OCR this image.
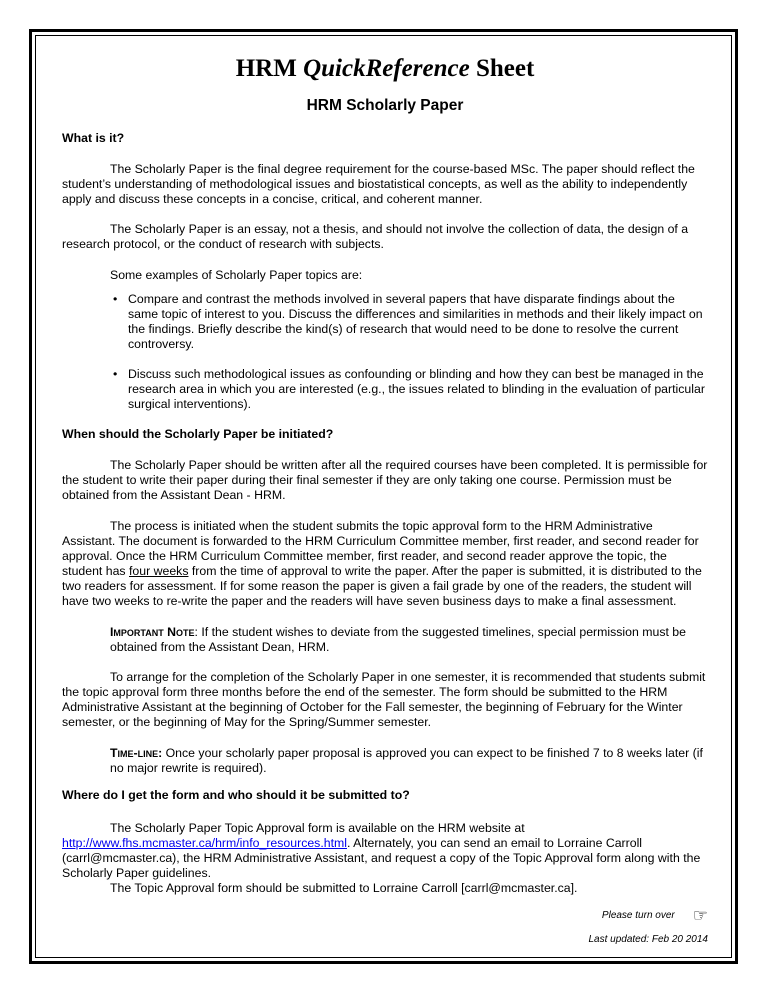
HRM QuickReference Sheet
HRM Scholarly Paper

What is it?

The Scholarly Paper is the final degree requirement for the course-based MSc. The paper should reflect the student’s understanding of methodological issues and biostatistical concepts, as well as the ability to independently apply and discuss these concepts in a concise, critical, and coherent manner.

The Scholarly Paper is an essay, not a thesis, and should not involve the collection of data, the design of a research protocol, or the conduct of research with subjects.

Some examples of Scholarly Paper topics are:

• Compare and contrast the methods involved in several papers that have disparate findings about the same topic of interest to you. Discuss the differences and similarities in methods and their likely impact on the findings. Briefly describe the kind(s) of research that would need to be done to resolve the current controversy.
• Discuss such methodological issues as confounding or blinding and how they can best be managed in the research area in which you are interested (e.g., the issues related to blinding in the evaluation of particular surgical interventions).

When should the Scholarly Paper be initiated?

The Scholarly Paper should be written after all the required courses have been completed. It is permissible for the student to write their paper during their final semester if they are only taking one course. Permission must be obtained from the Assistant Dean - HRM.

The process is initiated when the student submits the topic approval form to the HRM Administrative Assistant. The document is forwarded to the HRM Curriculum Committee member, first reader, and second reader for approval. Once the HRM Curriculum Committee member, first reader, and second reader approve the topic, the student has four weeks from the time of approval to write the paper. After the paper is submitted, it is distributed to the two readers for assessment. If for some reason the paper is given a fail grade by one of the readers, the student will have two weeks to re-write the paper and the readers will have seven business days to make a final assessment.

Important Note: If the student wishes to deviate from the suggested timelines, special permission must be obtained from the Assistant Dean, HRM.

To arrange for the completion of the Scholarly Paper in one semester, it is recommended that students submit the topic approval form three months before the end of the semester. The form should be submitted to the HRM Administrative Assistant at the beginning of October for the Fall semester, the beginning of February for the Winter semester, or the beginning of May for the Spring/Summer semester.

Time-line: Once your scholarly paper proposal is approved you can expect to be finished 7 to 8 weeks later (if no major rewrite is required).

Where do I get the form and who should it be submitted to?

The Scholarly Paper Topic Approval form is available on the HRM website at http://www.fhs.mcmaster.ca/hrm/info_resources.html. Alternately, you can send an email to Lorraine Carroll (carrl@mcmaster.ca), the HRM Administrative Assistant, and request a copy of the Topic Approval form along with the Scholarly Paper guidelines.

The Topic Approval form should be submitted to Lorraine Carroll [carrl@mcmaster.ca].

Please turn over ☞
Last updated: Feb 20 2014
